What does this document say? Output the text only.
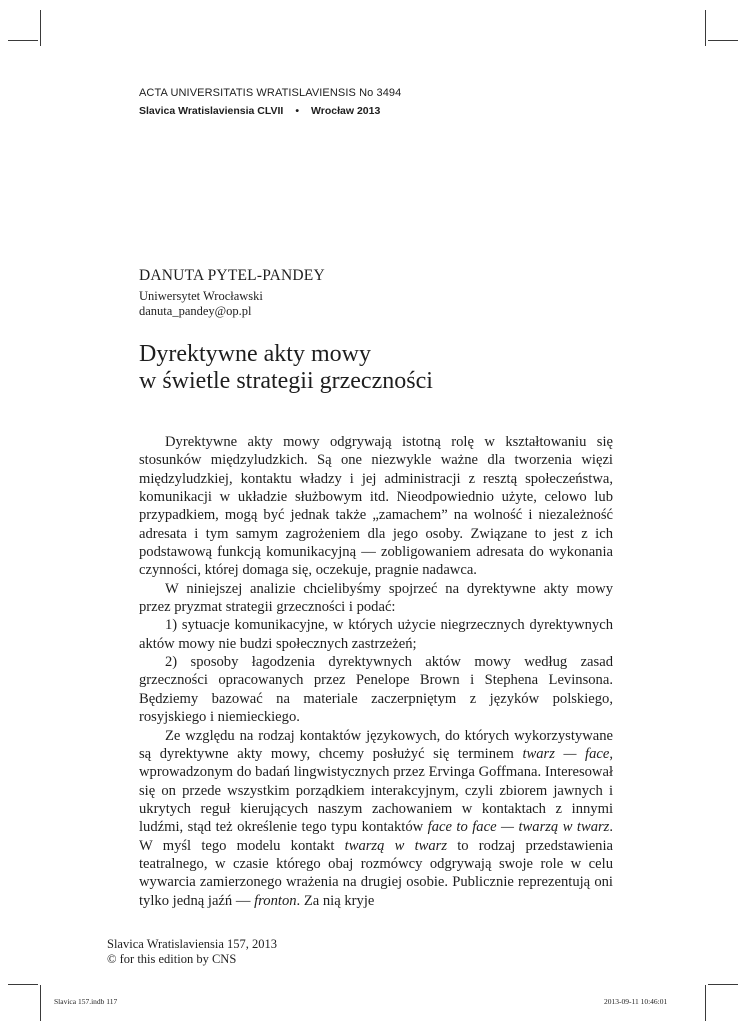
ACTA UNIVERSITATIS WRATISLAVIENSIS No 3494
Slavica Wratislaviensia CLVII	•	Wrocław 2013
DANUTA PYTEL-PANDEY
Uniwersytet Wrocławski
danuta_pandey@op.pl
Dyrektywne akty mowy
w świetle strategii grzeczności

Dyrektywne akty mowy odgrywają istotną rolę w kształtowaniu się stosunków międzyludzkich. Są one niezwykle ważne dla tworzenia więzi międzyludzkiej, kontaktu władzy i jej administracji z resztą społeczeństwa, komunikacji w układzie służbowym itd. Nieodpowiednio użyte, celowo lub przypadkiem, mogą być jednak także „zamachem” na wolność i niezależność adresata i tym samym zagrożeniem dla jego osoby. Związane to jest z ich podstawową funkcją komunikacyjną — zobligowaniem adresata do wykonania czynności, której domaga się, oczekuje, pragnie nadawca.

W niniejszej analizie chcielibyśmy spojrzeć na dyrektywne akty mowy przez pryzmat strategii grzeczności i podać:

1) sytuacje komunikacyjne, w których użycie niegrzecznych dyrektywnych aktów mowy nie budzi społecznych zastrzeżeń;

2) sposoby łagodzenia dyrektywnych aktów mowy według zasad grzeczności opracowanych przez Penelope Brown i Stephena Levinsona. Będziemy bazować na materiale zaczerpniętym z języków polskiego, rosyjskiego i niemieckiego.

Ze względu na rodzaj kontaktów językowych, do których wykorzystywane są dyrektywne akty mowy, chcemy posłużyć się terminem twarz — face, wprowadzonym do badań lingwistycznych przez Ervinga Goffmana. Interesował się on przede wszystkim porządkiem interakcyjnym, czyli zbiorem jawnych i ukrytych reguł kierujących naszym zachowaniem w kontaktach z innymi ludźmi, stąd też określenie tego typu kontaktów face to face — twarzą w twarz. W myśl tego modelu kontakt twarzą w twarz to rodzaj przedstawienia teatralnego, w czasie którego obaj rozmówcy odgrywają swoje role w celu wywarcia zamierzonego wrażenia na drugiej osobie. Publicznie reprezentują oni tylko jedną jaźń — fronton. Za nią kryje

Slavica Wratislaviensia 157, 2013
© for this edition by CNS
Slavica 157.indb 117	2013-09-11 10:46:01
